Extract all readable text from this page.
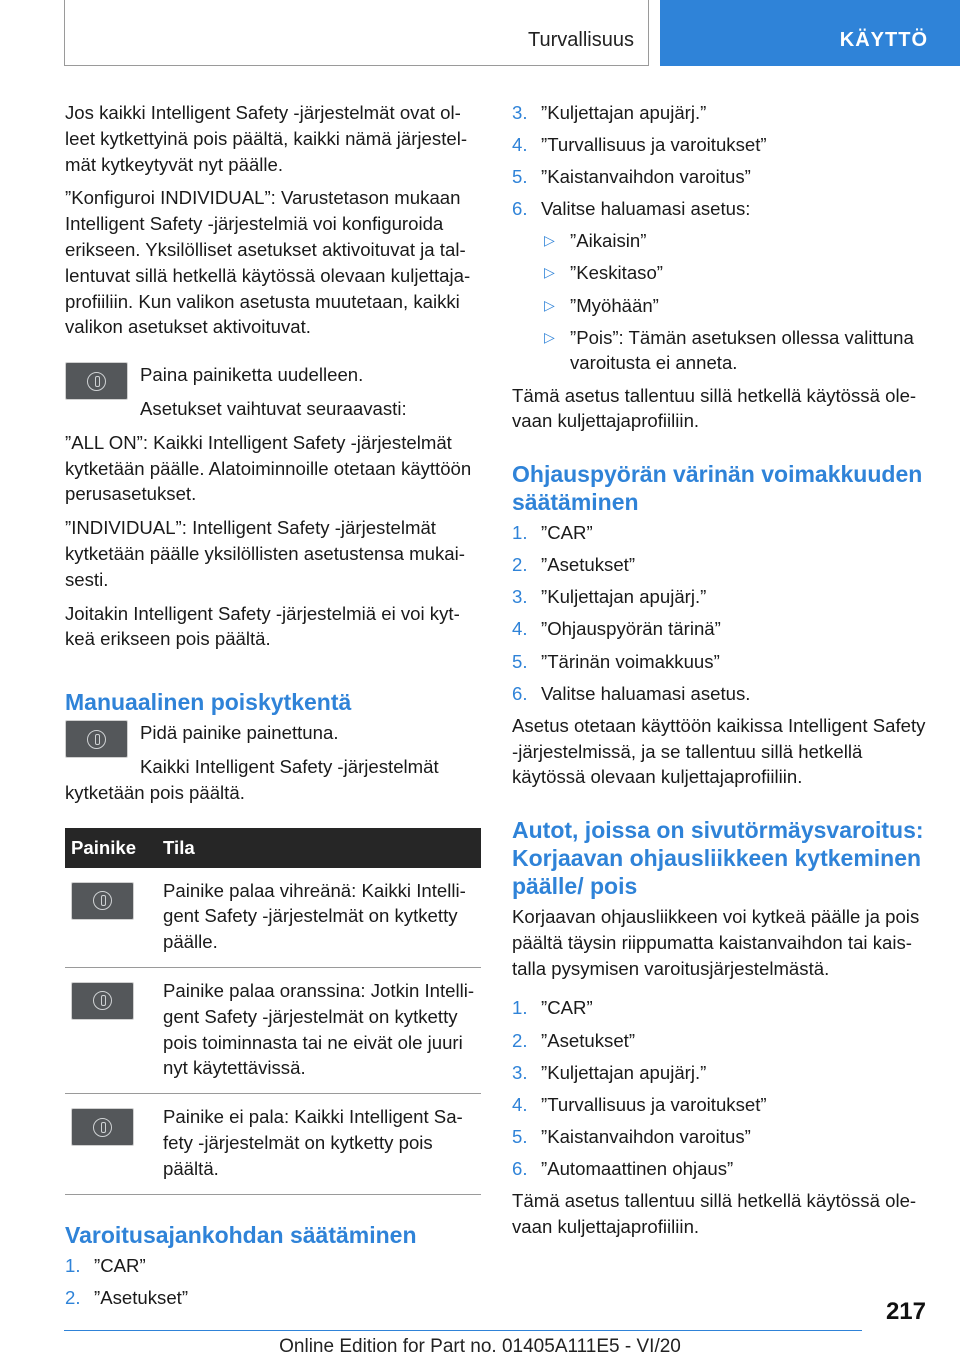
Turvallisuus	KÄYTTÖ

Jos kaikki Intelligent Safety -järjestelmät ovat olleet kytkettyinä pois päältä, kaikki nämä järjestelmät kytkeytyvät nyt päälle.

”Konfiguroi INDIVIDUAL”: Varustetason mukaan Intelligent Safety -järjestelmiä voi konfiguroida erikseen. Yksilölliset asetukset aktivoituvat ja tallentuvat sillä hetkellä käytössä olevaan kuljettajaprofiiliin. Kun valikon asetusta muutetaan, kaikki valikon asetukset aktivoituvat.

Paina painiketta uudelleen.

Asetukset vaihtuvat seuraavasti:

”ALL ON”: Kaikki Intelligent Safety -järjestelmät kytketään päälle. Alatoiminnoille otetaan käyttöön perusasetukset.

”INDIVIDUAL”: Intelligent Safety -järjestelmät kytketään päälle yksilöllisten asetustensa mukaisesti.

Joitakin Intelligent Safety -järjestelmiä ei voi kytkeä erikseen pois päältä.

Manuaalinen poiskytkentä

Pidä painike painettuna.

Kaikki Intelligent Safety -järjestelmät kytketään pois päältä.

Painike	Tila

	Painike palaa vihreänä: Kaikki Intelligent Safety -järjestelmät on kytketty päälle.

	Painike palaa oranssina: Jotkin Intelligent Safety -järjestelmät on kytketty pois toiminnasta tai ne eivät ole juuri nyt käytettävissä.

	Painike ei pala: Kaikki Intelligent Safety -järjestelmät on kytketty pois päältä.
Varoitusajankohdan säätäminen
1. ”CAR”
2. ”Asetukset”
3. ”Kuljettajan apujärj.”
4. ”Turvallisuus ja varoitukset”
5. ”Kaistanvaihdon varoitus”
6. Valitse haluamasi asetus:
▷ ”Aikaisin”
▷ ”Keskitaso”
▷ ”Myöhään”
▷ ”Pois”: Tämän asetuksen ollessa valittuna varoitusta ei anneta.

Tämä asetus tallentuu sillä hetkellä käytössä olevaan kuljettajaprofiiliin.

Ohjauspyörän värinän voimakkuuden säätäminen
1. ”CAR”
2. ”Asetukset”
3. ”Kuljettajan apujärj.”
4. ”Ohjauspyörän tärinä”
5. ”Tärinän voimakkuus”
6. Valitse haluamasi asetus.

Asetus otetaan käyttöön kaikissa Intelligent Safety -järjestelmissä, ja se tallentuu sillä hetkellä käytössä olevaan kuljettajaprofiiliin.

Autot, joissa on sivutörmäysvaroitus: Korjaavan ohjausliikkeen kytkeminen päälle/ pois

Korjaavan ohjausliikkeen voi kytkeä päälle ja pois päältä täysin riippumatta kaistanvaihdon tai kaistalla pysymisen varoitusjärjestelmästä.

1. ”CAR”
2. ”Asetukset”
3. ”Kuljettajan apujärj.”
4. ”Turvallisuus ja varoitukset”
5. ”Kaistanvaihdon varoitus”
6. ”Automaattinen ohjaus”

Tämä asetus tallentuu sillä hetkellä käytössä olevaan kuljettajaprofiiliin.

217
Online Edition for Part no. 01405A111E5 - VI/20
